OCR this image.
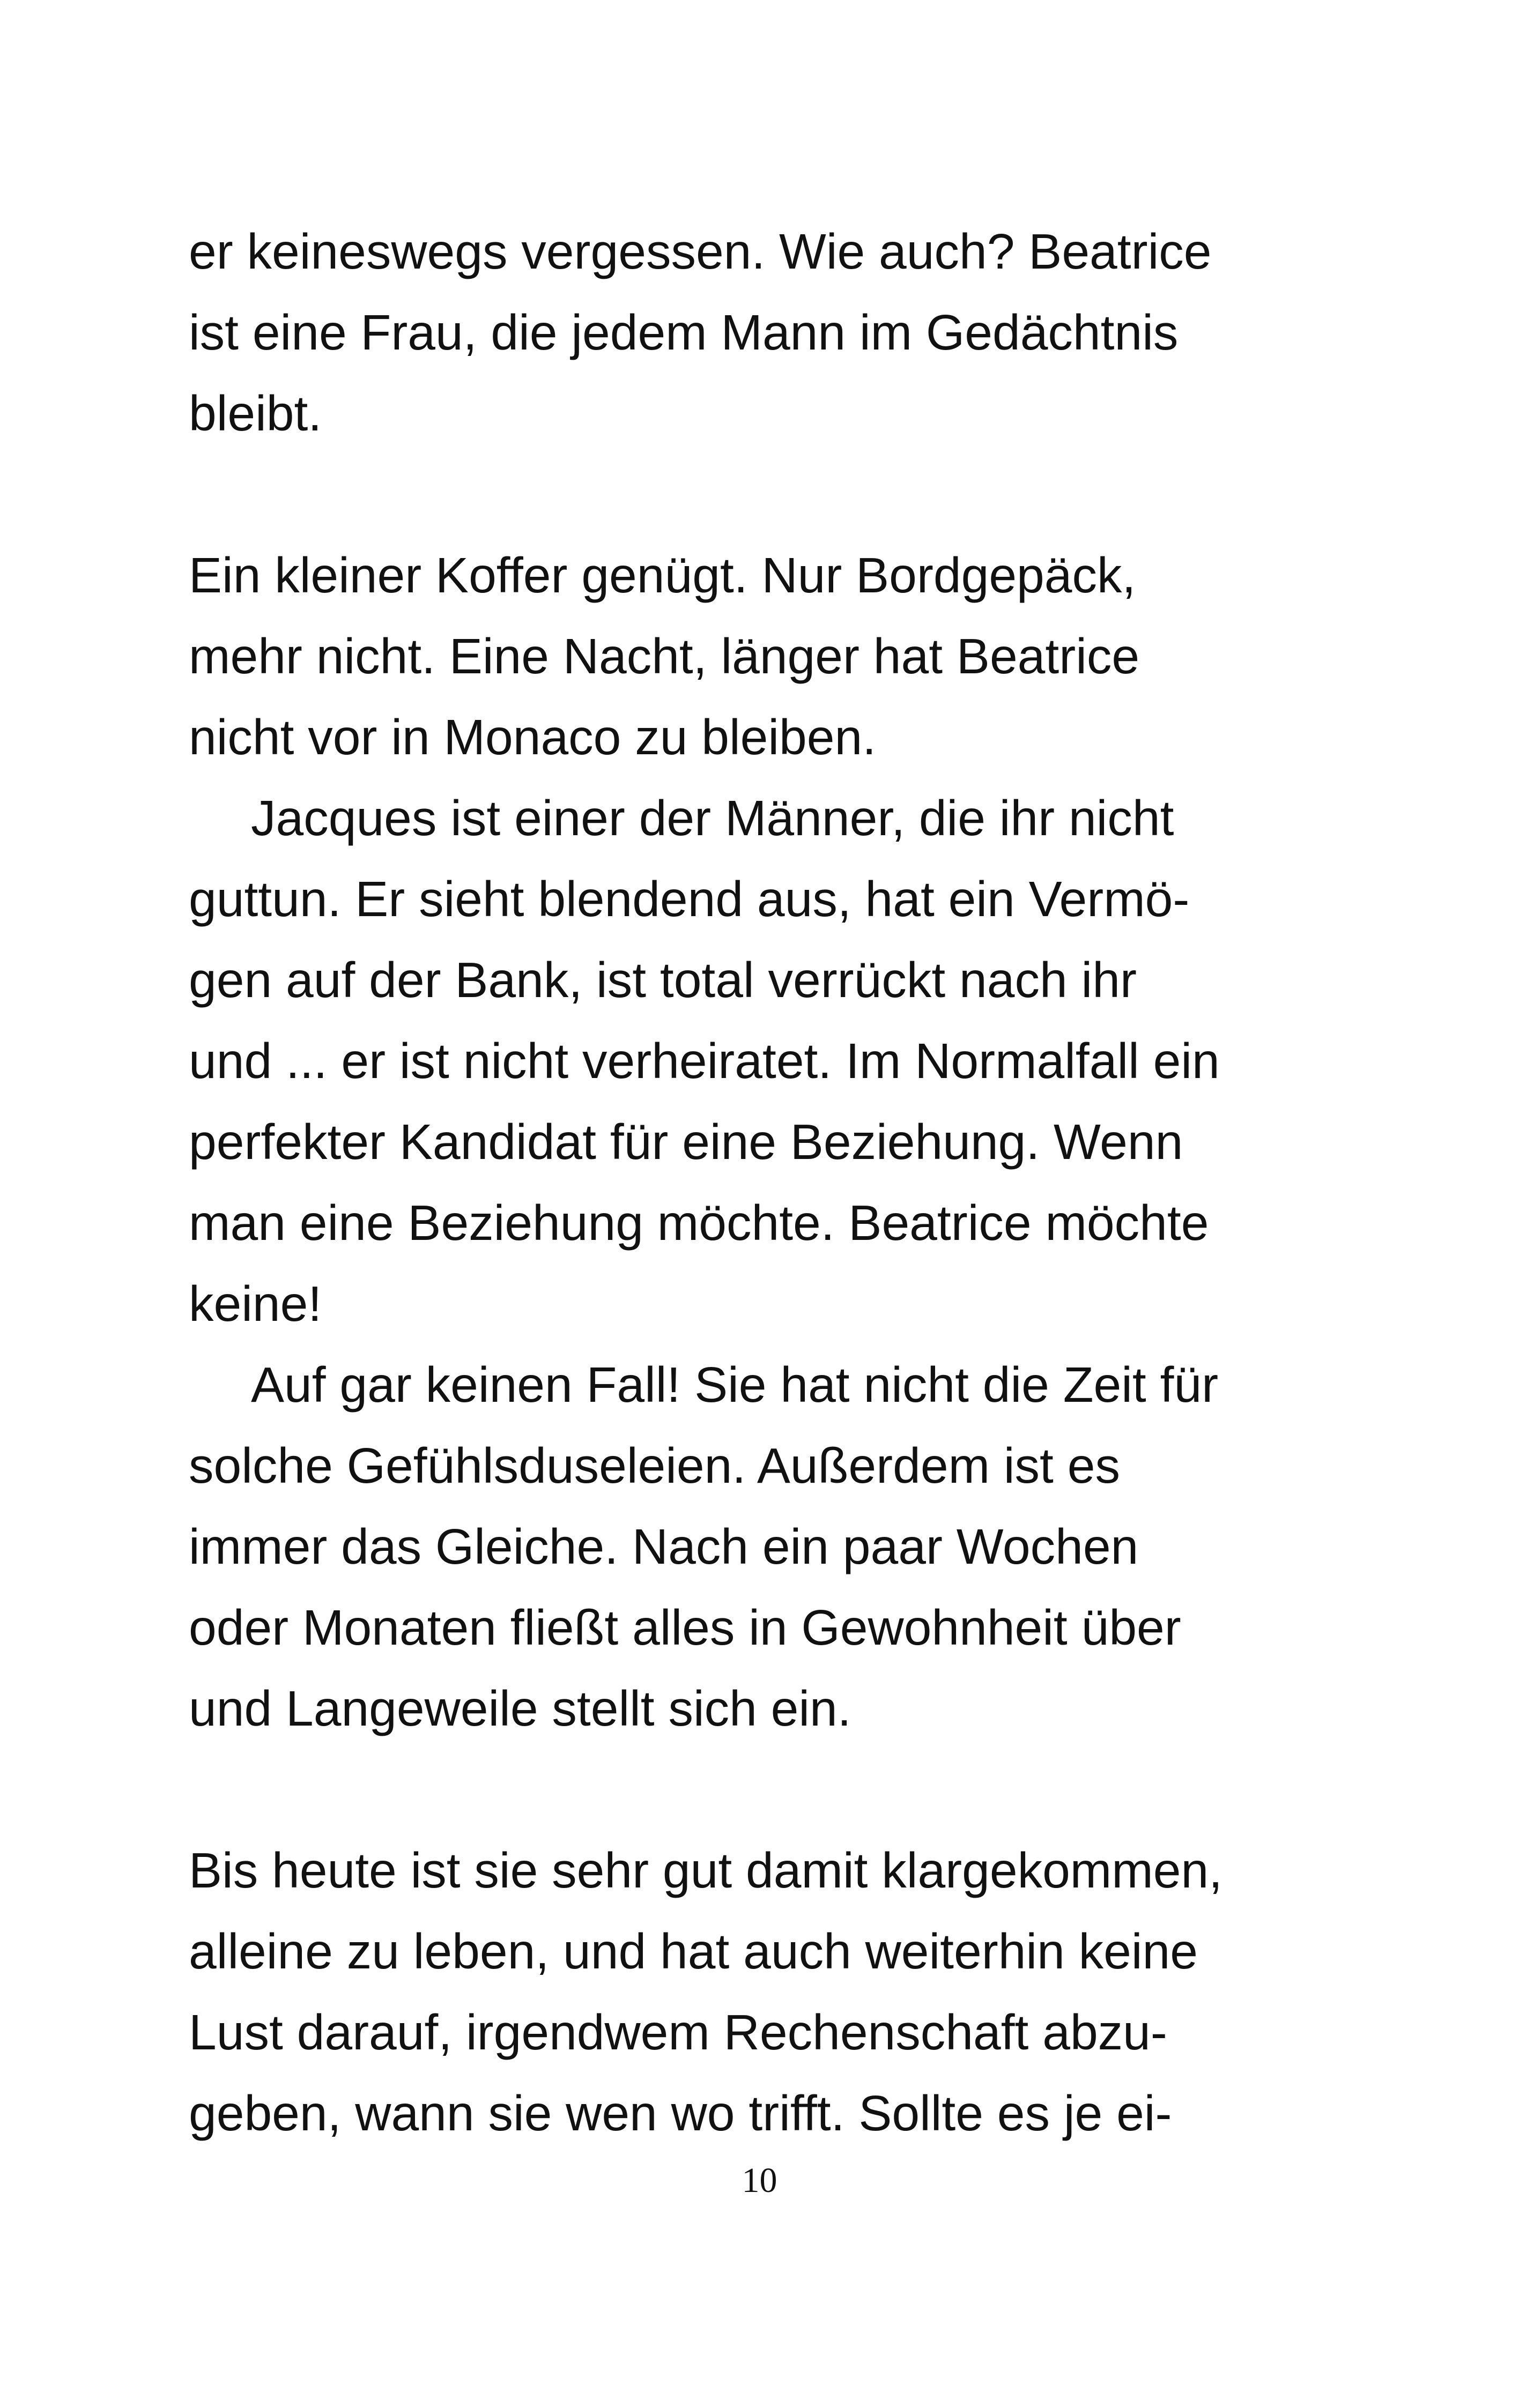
er keineswegs vergessen. Wie auch? Beatrice
ist eine Frau, die jedem Mann im Gedächtnis
bleibt.
Ein kleiner Koffer genügt. Nur Bordgepäck,
mehr nicht. Eine Nacht, länger hat Beatrice
nicht vor in Monaco zu bleiben.
Jacques ist einer der Männer, die ihr nicht
guttun. Er sieht blendend aus, hat ein Vermö-
gen auf der Bank, ist total verrückt nach ihr
und ... er ist nicht verheiratet. Im Normalfall ein
perfekter Kandidat für eine Beziehung. Wenn
man eine Beziehung möchte. Beatrice möchte
keine!
Auf gar keinen Fall! Sie hat nicht die Zeit für
solche Gefühlsduseleien. Außerdem ist es
immer das Gleiche. Nach ein paar Wochen
oder Monaten fließt alles in Gewohnheit über
und Langeweile stellt sich ein.
Bis heute ist sie sehr gut damit klargekommen,
alleine zu leben, und hat auch weiterhin keine
Lust darauf, irgendwem Rechenschaft abzu-
geben, wann sie wen wo trifft. Sollte es je ei-
10
